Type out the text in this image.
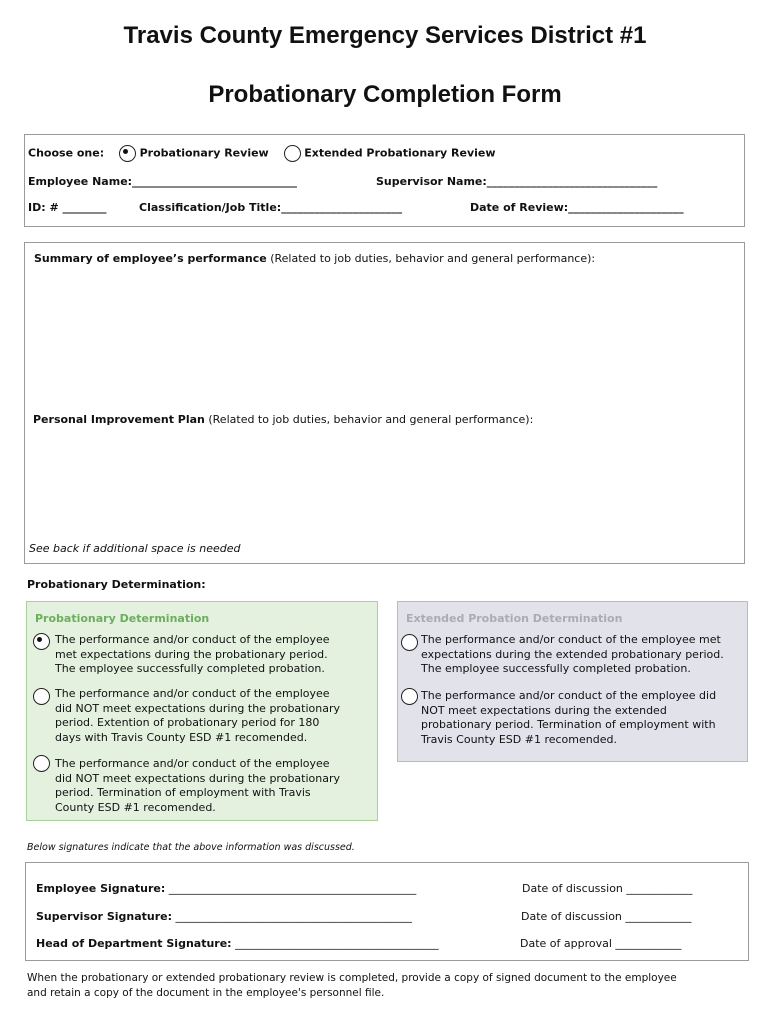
Travis County Emergency Services District #1
Probationary Completion Form
Choose one:	Probationary Review	Extended Probationary Review
Employee Name:______________________________	Supervisor Name:_______________________________
ID: # ________	Classification/Job Title:______________________	Date of Review:_____________________
Summary of employee’s performance (Related to job duties, behavior and general performance):
Personal Improvement Plan (Related to job duties, behavior and general performance):
See back if additional space is needed
Probationary Determination:
Probationary Determination
The performance and/or conduct of the employee
met expectations during the probationary period.
The employee successfully completed probation.
The performance and/or conduct of the employee
did NOT meet expectations during the probationary
period. Extention of probationary period for 180
days with Travis County ESD #1 recomended.
The performance and/or conduct of the employee
did NOT meet expectations during the probationary
period. Termination of employment with Travis
County ESD #1 recomended.
Extended Probation Determination
The performance and/or conduct of the employee met
expectations during the extended probationary period.
The employee successfully completed probation.
The performance and/or conduct of the employee did
NOT meet expectations during the extended
probationary period. Termination of employment with
Travis County ESD #1 recomended.
Below signatures indicate that the above information was discussed.
Employee Signature: _____________________________________________	Date of discussion ____________
Supervisor Signature: ___________________________________________	Date of discussion ____________
Head of Department Signature: _____________________________________	Date of approval ____________
When the probationary or extended probationary review is completed, provide a copy of signed document to the employee
and retain a copy of the document in the employee's personnel file.
